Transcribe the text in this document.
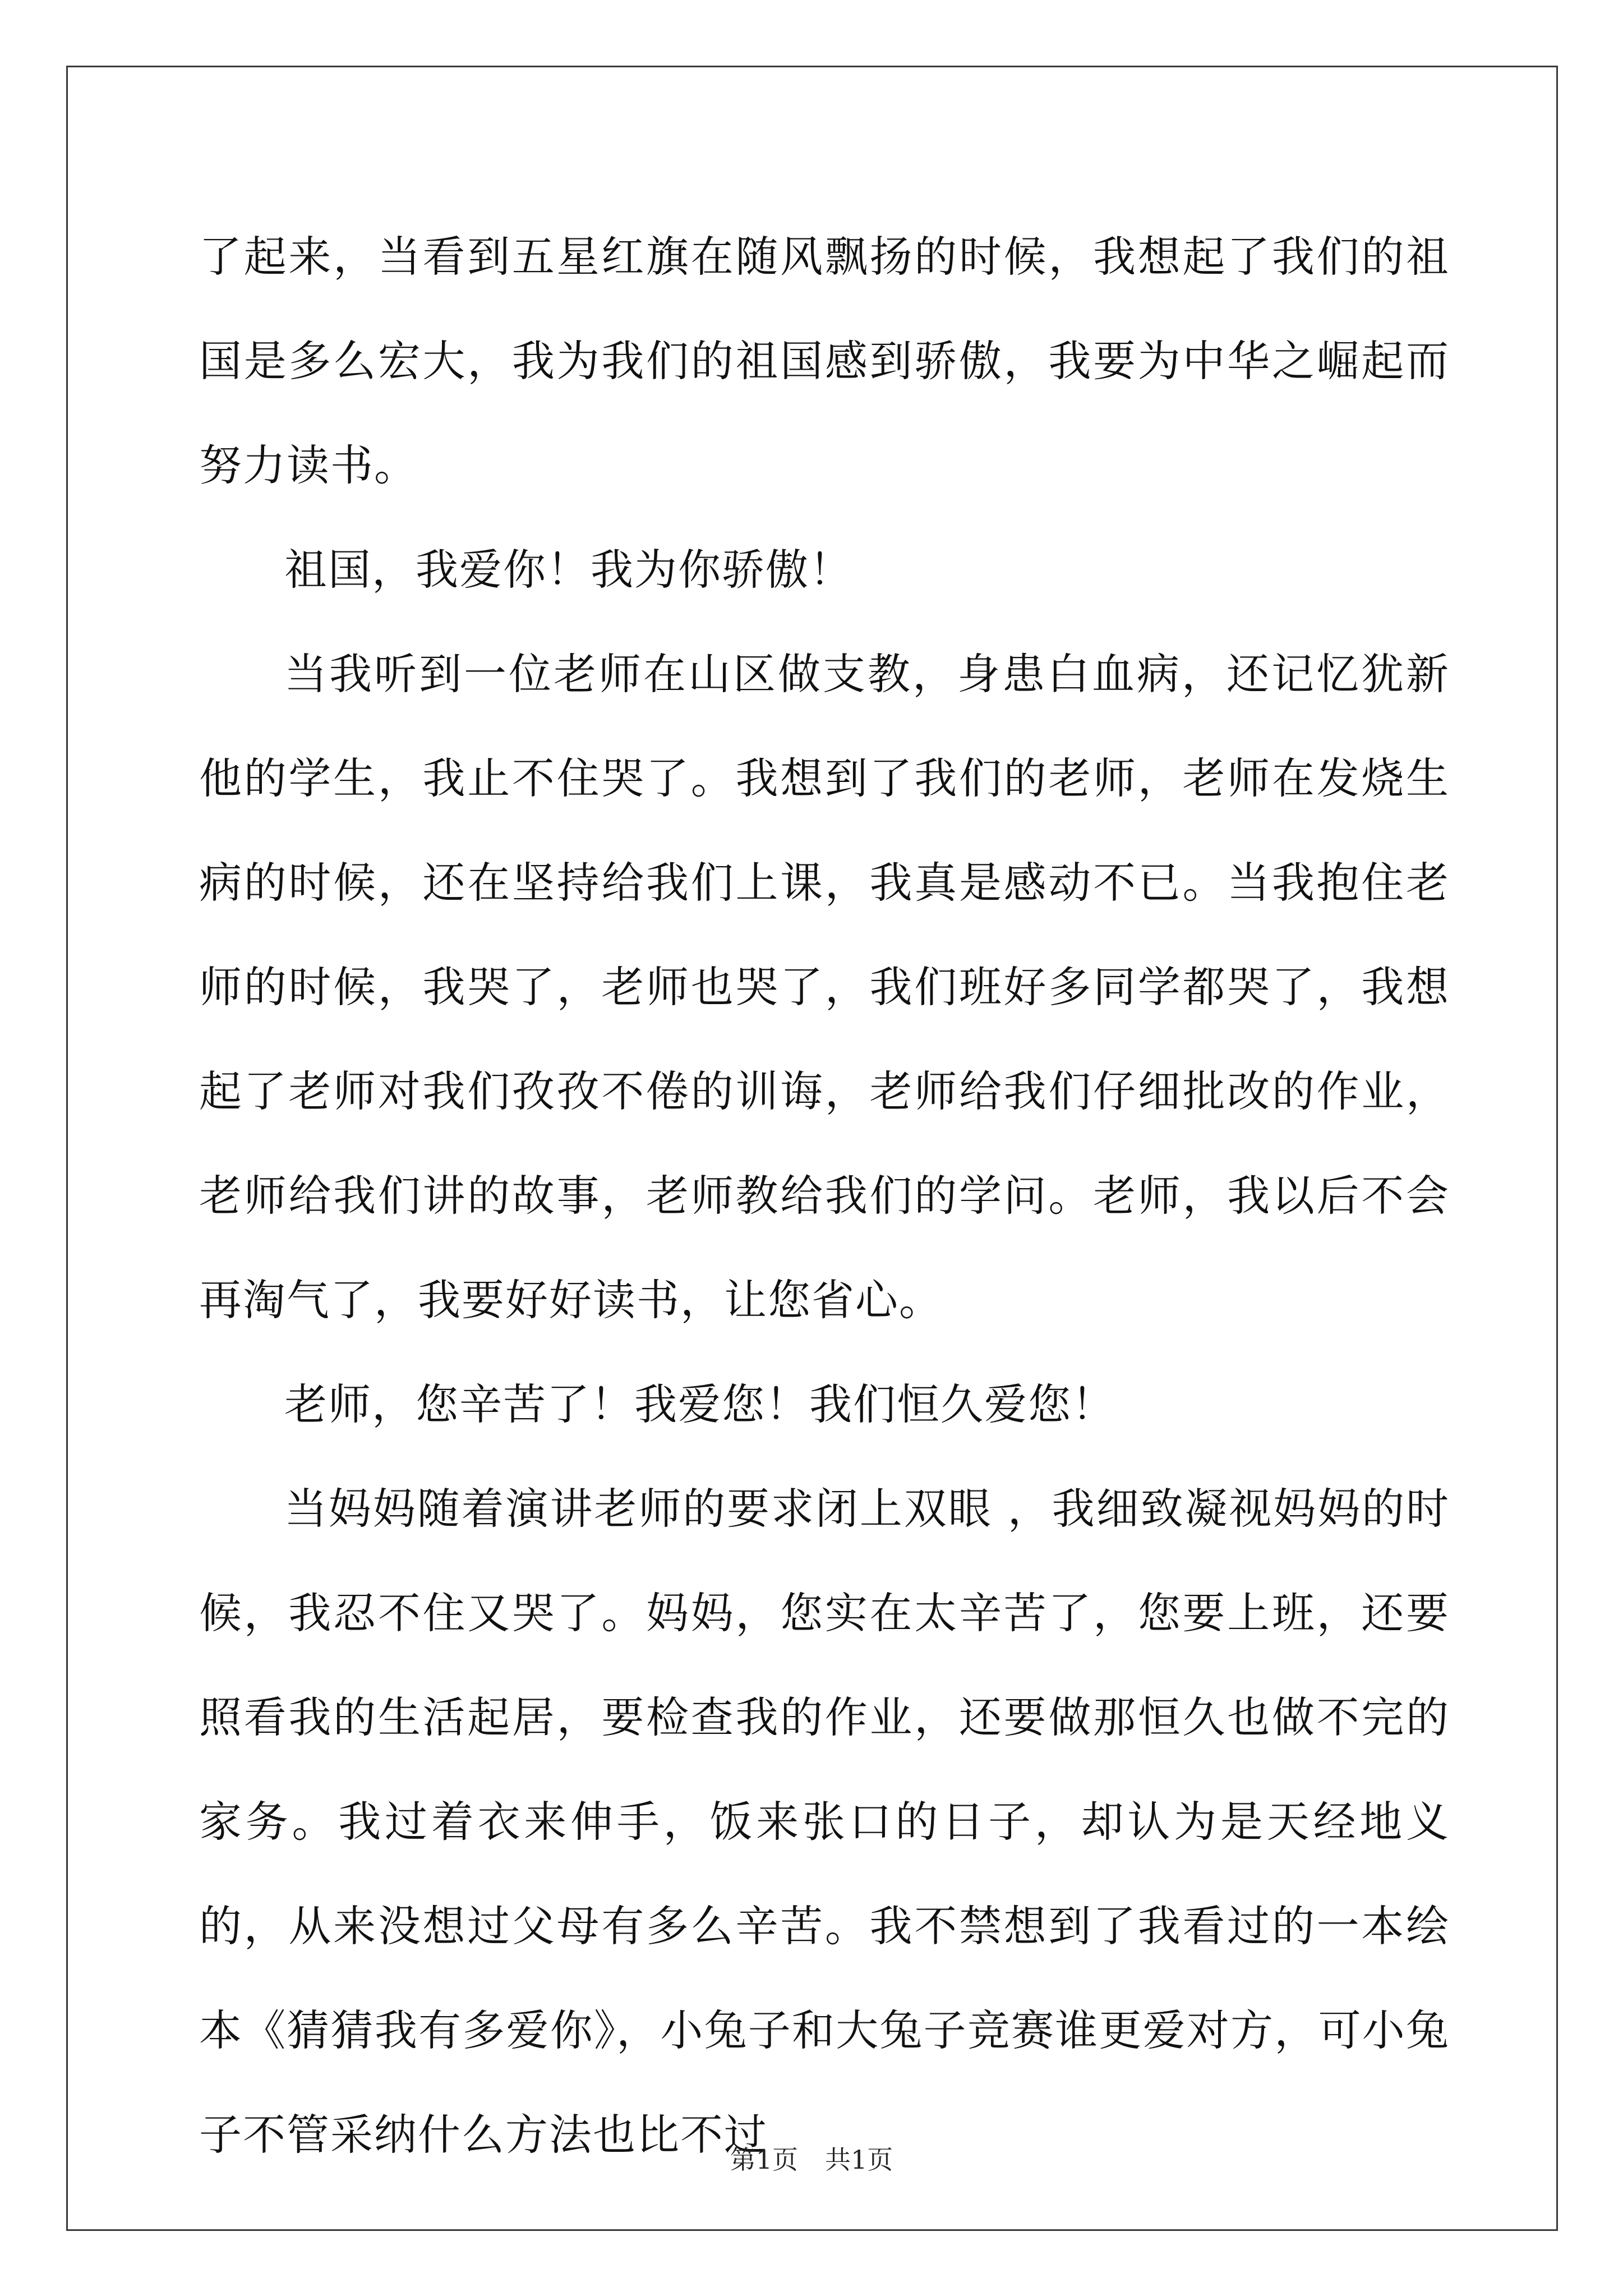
了起来，当看到五星红旗在随风飘扬的时候，我想起了我们的祖国是多么宏大，我为我们的祖国感到骄傲，我要为中华之崛起而努力读书。

祖国，我爱你！我为你骄傲！

当我听到一位老师在山区做支教，身患白血病，还记忆犹新他的学生，我止不住哭了。我想到了我们的老师，老师在发烧生病的时候，还在坚持给我们上课，我真是感动不已。当我抱住老师的时候，我哭了，老师也哭了，我们班好多同学都哭了，我想起了老师对我们孜孜不倦的训诲，老师给我们仔细批改的作业，老师给我们讲的故事，老师教给我们的学问。老师，我以后不会再淘气了，我要好好读书，让您省心。

老师，您辛苦了！我爱您！我们恒久爱您！

当妈妈随着演讲老师的要求闭上双眼 ，我细致凝视妈妈的时候，我忍不住又哭了。妈妈，您实在太辛苦了，您要上班，还要照看我的生活起居，要检查我的作业，还要做那恒久也做不完的家务。我过着衣来伸手，饭来张口的日子，却认为是天经地义的，从来没想过父母有多么辛苦。我不禁想到了我看过的一本绘本《猜猜我有多爱你》，小兔子和大兔子竞赛谁更爱对方，可小兔子不管采纳什么方法也比不过

第1页 共1页
